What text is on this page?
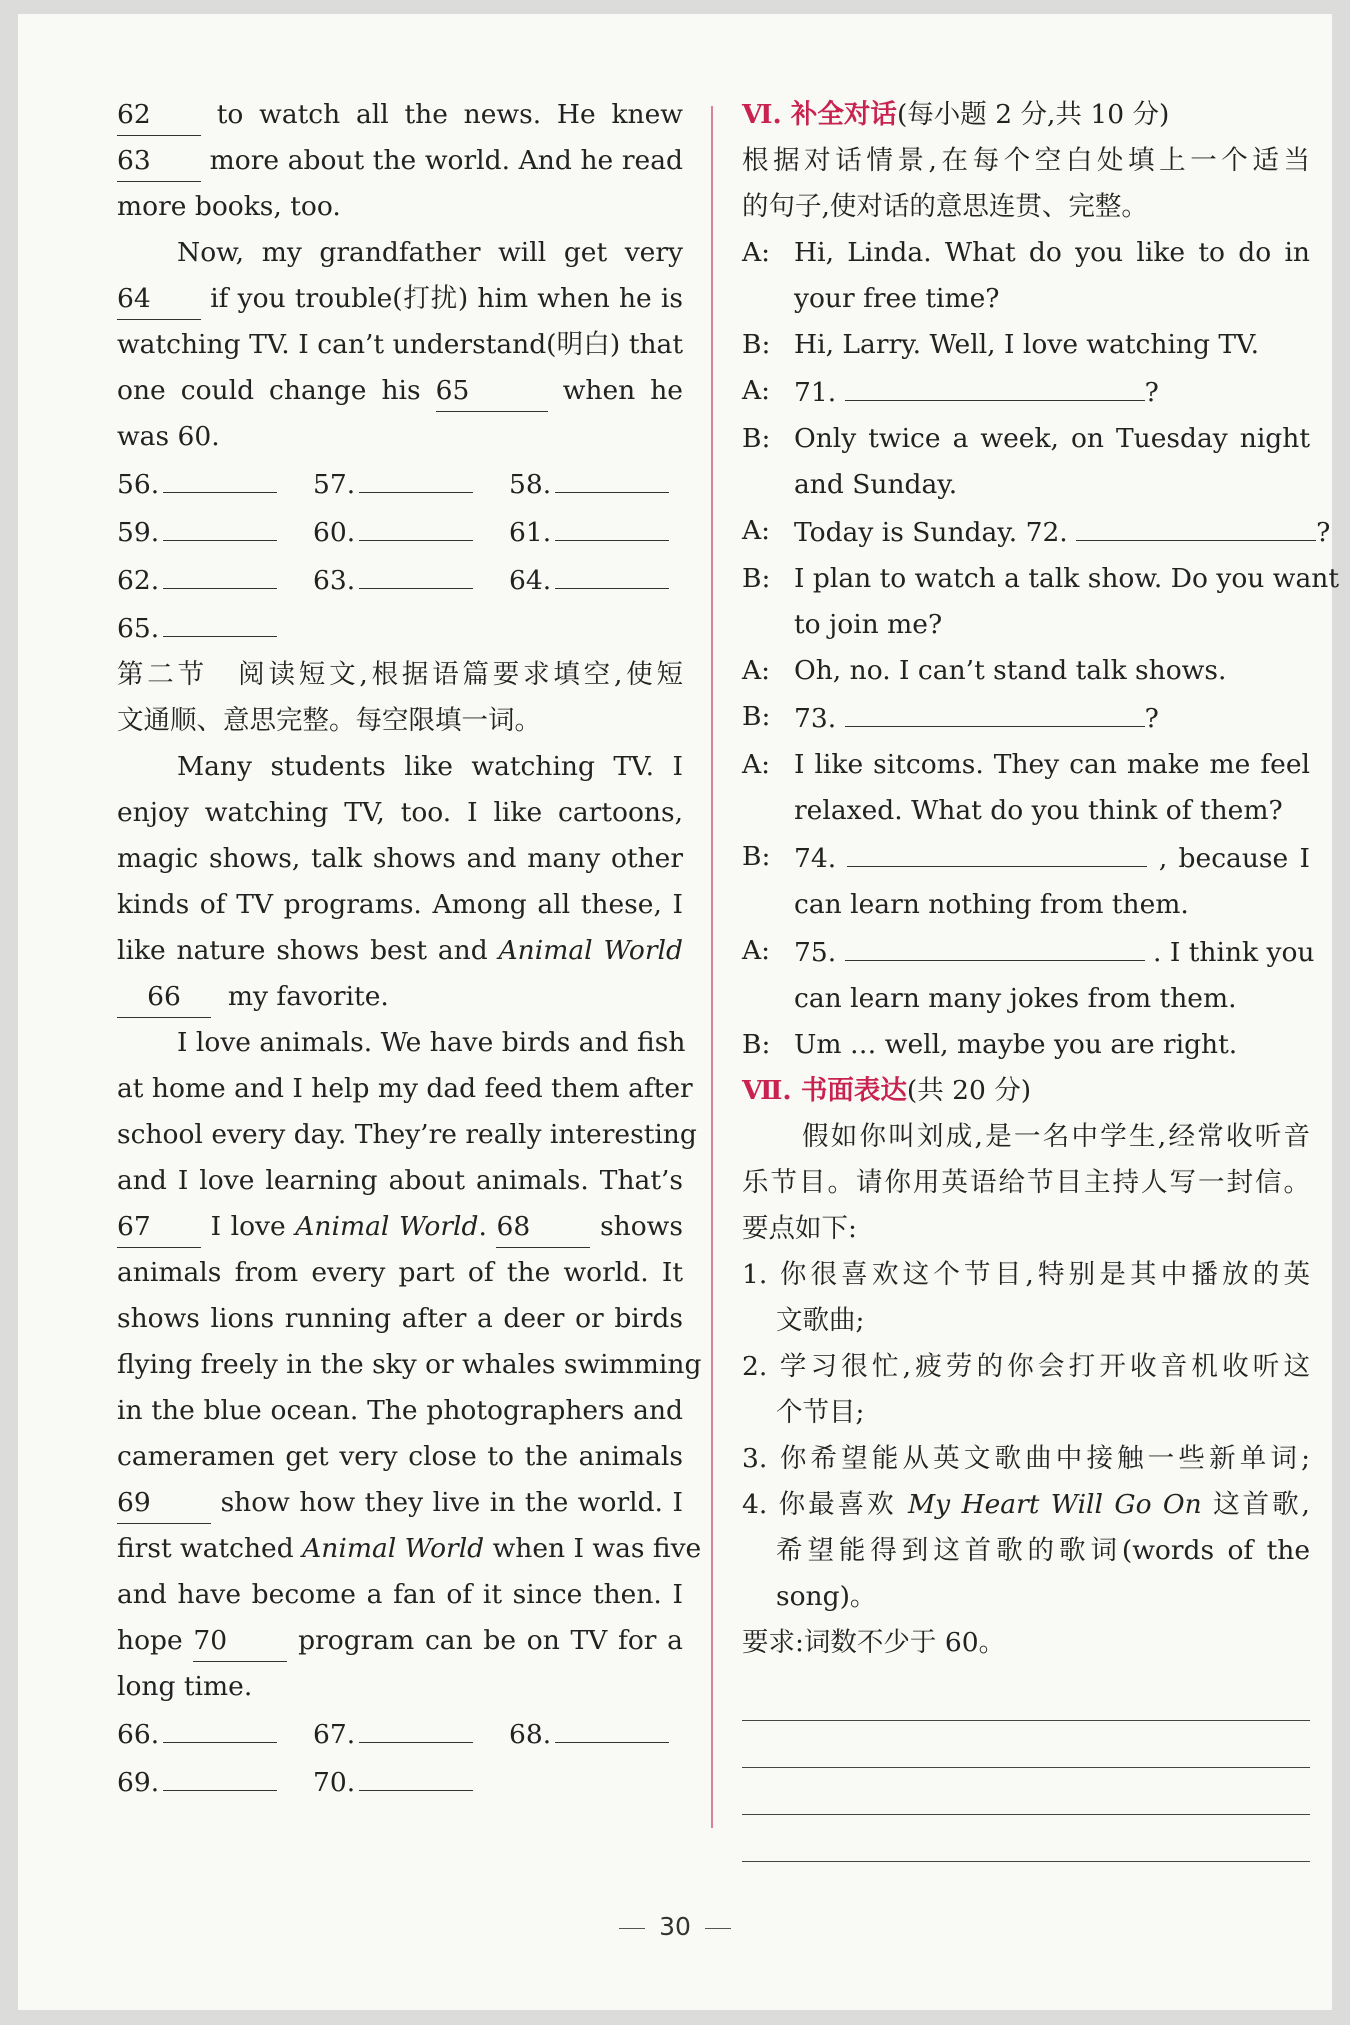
62 to watch all the news. He knew
63 more about the world. And he read
more books, too.
Now, my grandfather will get very
64 if you trouble(打扰) him when he is
watching TV. I can’t understand(明白) that
one could change his 65	when he
was 60.
56.	57.	58.
59.	60.	61.
62.	63.	64.
65.
第二节　阅读短文,根据语篇要求填空,使短
文通顺、意思完整。每空限填一词。
Many students like watching TV. I
enjoy watching TV, too. I like cartoons,
magic shows, talk shows and many other
kinds of TV programs. Among all these, I
like nature shows best and Animal World
66 my favorite.
I love animals. We have birds and fish
at home and I help my dad feed them after
school every day. They’re really interesting
and I love learning about animals. That’s
67 I love Animal World. 68	shows
animals from every part of the world. It
shows lions running after a deer or birds
flying freely in the sky or whales swimming
in the blue ocean. The photographers and
cameramen get very close to the animals
69	show how they live in the world. I
first watched Animal World when I was five
and have become a fan of it since then. I
hope 70	program can be on TV for a
long time.
66.	67.	68.
69.	70.
Ⅵ. 补全对话(每小题 2 分,共 10 分)
根据对话情景,在每个空白处填上一个适当
的句子,使对话的意思连贯、完整。
A: Hi, Linda. What do you like to do in
your free time?
B: Hi, Larry. Well, I love watching TV.
A: 71.	?
B: Only twice a week, on Tuesday night
and Sunday.
A: Today is Sunday. 72.	?
B: I plan to watch a talk show. Do you want
to join me?
A: Oh, no. I can’t stand talk shows.
B: 73.	?
A: I like sitcoms. They can make me feel
relaxed. What do you think of them?
B: 74.	, because I
can learn nothing from them.
A: 75.	. I think you
can learn many jokes from them.
B: Um … well, maybe you are right.
Ⅶ. 书面表达(共 20 分)
假如你叫刘成,是一名中学生,经常收听音
乐节目。请你用英语给节目主持人写一封信。
要点如下:
1. 你很喜欢这个节目,特别是其中播放的英
文歌曲;
2. 学习很忙,疲劳的你会打开收音机收听这
个节目;
3. 你希望能从英文歌曲中接触一些新单词;
4. 你最喜欢 My Heart Will Go On 这首歌,
希望能得到这首歌的歌词(words of the
song)。
要求:词数不少于 60。
30
